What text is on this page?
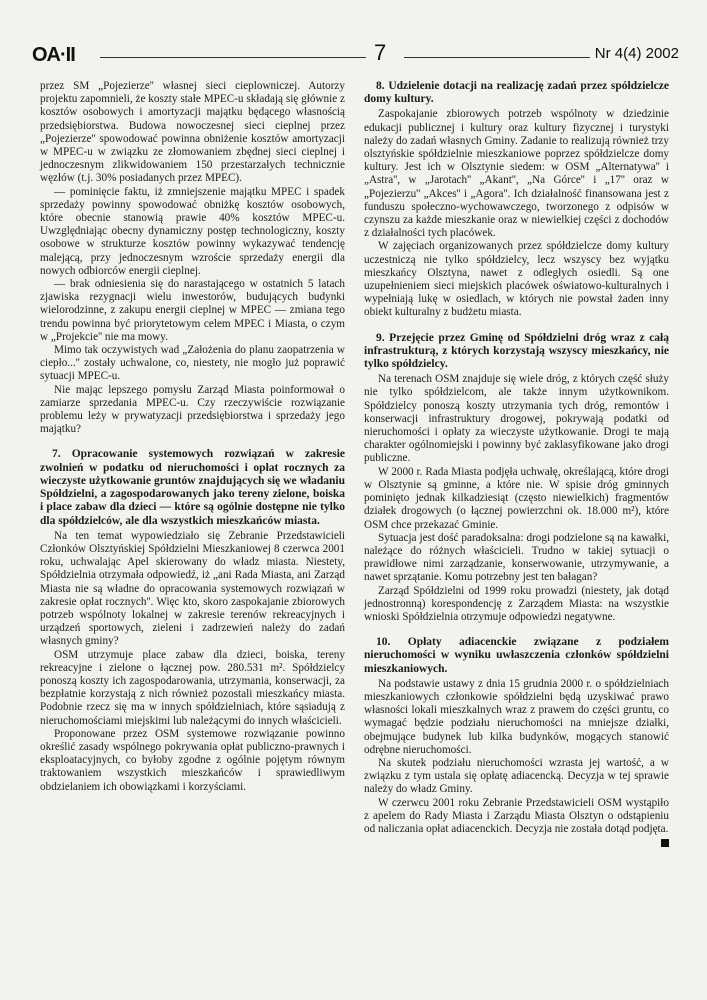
OA·II	7	Nr 4(4) 2002

przez SM „Pojezierze'' własnej sieci cieplowniczej. Autorzy projektu zapomnieli, że koszty stałe MPEC-u składają się głównie z kosztów osobowych i amortyzacji majątku będącego własnością przedsiębiorstwa. Budowa nowoczesnej sieci cieplnej przez „Pojezierze'' spowodować powinna obniżenie kosztów amortyzacji w MPEC-u w związku ze złomowaniem zbędnej sieci cieplnej i jednoczesnym zlikwidowaniem 150 przestarzałych technicznie węzłów (t.j. 30% posiadanych przez MPEC).

— pominięcie faktu, iż zmniejszenie majątku MPEC i spadek sprzedaży powinny spowodować obniżkę kosztów osobowych, które obecnie stanowią prawie 40% kosztów MPEC-u. Uwzględniając obecny dynamiczny postęp technologiczny, koszty osobowe w strukturze kosztów powinny wykazywać tendencję malejącą, przy jednoczesnym wzroście sprzedaży energii dla nowych odbiorców energii cieplnej.

— brak odniesienia się do narastającego w ostatnich 5 latach zjawiska rezygnacji wielu inwestorów, budujących budynki wielorodzinne, z zakupu energii cieplnej w MPEC — zmiana tego trendu powinna być priorytetowym celem MPEC i Miasta, o czym w „Projekcie'' nie ma mowy.

Mimo tak oczywistych wad „Założenia do planu zaopatrzenia w ciepło...'' zostały uchwalone, co, niestety, nie mogło już poprawić sytuacji MPEC-u.

Nie mając lepszego pomysłu Zarząd Miasta poinformował o zamiarze sprzedania MPEC-u. Czy rzeczywiście rozwiązanie problemu leży w prywatyzacji przedsiębiorstwa i sprzedaży jego majątku?

7. Opracowanie systemowych rozwiązań w zakresie zwolnień w podatku od nieruchomości i opłat rocznych za wieczyste użytkowanie gruntów znajdujących się we władaniu Spółdzielni, a zagospodarowanych jako tereny zielone, boiska i place zabaw dla dzieci — które są ogólnie dostępne nie tylko dla spółdzielców, ale dla wszystkich mieszkańców miasta.

Na ten temat wypowiedziało się Zebranie Przedstawicieli Członków Olsztyńskiej Spółdzielni Mieszkaniowej 8 czerwca 2001 roku, uchwalając Apel skierowany do władz miasta. Niestety, Spółdzielnia otrzymała odpowiedź, iż „ani Rada Miasta, ani Zarząd Miasta nie są władne do opracowania systemowych rozwiązań w zakresie opłat rocznych''. Więc kto, skoro zaspokajanie zbiorowych potrzeb wspólnoty lokalnej w zakresie terenów rekreacyjnych i urządzeń sportowych, zieleni i zadrzewień należy do zadań własnych gminy?

OSM utrzymuje place zabaw dla dzieci, boiska, tereny rekreacyjne i zielone o łącznej pow. 280.531 m². Spółdzielcy ponoszą koszty ich zagospodarowania, utrzymania, konserwacji, za bezpłatnie korzystają z nich również pozostali mieszkańcy miasta. Podobnie rzecz się ma w innych spółdzielniach, które sąsiadują z nieruchomościami miejskimi lub należącymi do innych właścicieli.

Proponowane przez OSM systemowe rozwiązanie powinno określić zasady wspólnego pokrywania opłat publiczno-prawnych i eksploatacyjnych, co byłoby zgodne z ogólnie pojętym równym traktowaniem wszystkich mieszkańców i sprawiedliwym obdzielaniem ich obowiązkami i korzyściami.

8. Udzielenie dotacji na realizację zadań przez spółdzielcze domy kultury.

Zaspokajanie zbiorowych potrzeb wspólnoty w dziedzinie edukacji publicznej i kultury oraz kultury fizycznej i turystyki należy do zadań własnych Gminy. Zadanie to realizują również trzy olsztyńskie spółdzielnie mieszkaniowe poprzez spółdzielcze domy kultury. Jest ich w Olsztynie siedem: w OSM „Alternatywa'' i „Astra'', w „Jarotach'' „Akant'', „Na Górce'' i „17'' oraz w „Pojezierzu'' „Akces'' i „Agora''. Ich działalność finansowana jest z funduszu społeczno-wychowawczego, tworzonego z odpisów w czynszu za każde mieszkanie oraz w niewielkiej części z dochodów z działalności tych placówek.

W zajęciach organizowanych przez spółdzielcze domy kultury uczestniczą nie tylko spółdzielcy, lecz wszyscy bez wyjątku mieszkańcy Olsztyna, nawet z odległych osiedli. Są one uzupełnieniem sieci miejskich placówek oświatowo-kulturalnych i wypełniają lukę w osiedlach, w których nie powstał żaden inny obiekt kulturalny z budżetu miasta.

9. Przejęcie przez Gminę od Spółdzielni dróg wraz z całą infrastrukturą, z których korzystają wszyscy mieszkańcy, nie tylko spółdzielcy.

Na terenach OSM znajduje się wiele dróg, z których część służy nie tylko spółdzielcom, ale także innym użytkownikom. Spółdzielcy ponoszą koszty utrzymania tych dróg, remontów i konserwacji infrastruktury drogowej, pokrywają podatki od nieruchomości i opłaty za wieczyste użytkowanie. Drogi te mają charakter ogólnomiejski i powinny być zaklasyfikowane jako drogi publiczne.

W 2000 r. Rada Miasta podjęła uchwałę, określającą, które drogi w Olsztynie są gminne, a które nie. W spisie dróg gminnych pominięto jednak kilkadziesiąt (często niewielkich) fragmentów działek drogowych (o łącznej powierzchni ok. 18.000 m²), które OSM chce przekazać Gminie.

Sytuacja jest dość paradoksalna: drogi podzielone są na kawałki, należące do różnych właścicieli. Trudno w takiej sytuacji o prawidłowe nimi zarządzanie, konserwowanie, utrzymywanie, a nawet sprzątanie. Komu potrzebny jest ten bałagan?

Zarząd Spółdzielni od 1999 roku prowadzi (niestety, jak dotąd jednostronną) korespondencję z Zarządem Miasta: na wszystkie wnioski Spółdzielnia otrzymuje odpowiedzi negatywne.

10. Opłaty adiacenckie związane z podziałem nieruchomości w wyniku uwłaszczenia członków spółdzielni mieszkaniowych.

Na podstawie ustawy z dnia 15 grudnia 2000 r. o spółdzielniach mieszkaniowych członkowie spółdzielni będą uzyskiwać prawo własności lokali mieszkalnych wraz z prawem do części gruntu, co wymagać będzie podziału nieruchomości na mniejsze działki, obejmujące budynek lub kilka budynków, mogących stanowić odrębne nieruchomości.

Na skutek podziału nieruchomości wzrasta jej wartość, a w związku z tym ustala się opłatę adiacencką. Decyzja w tej sprawie należy do władz Gminy.

W czerwcu 2001 roku Zebranie Przedstawicieli OSM wystąpiło z apelem do Rady Miasta i Zarządu Miasta Olsztyn o odstąpieniu od naliczania opłat adiacenckich. Decyzja nie została dotąd podjęta.
